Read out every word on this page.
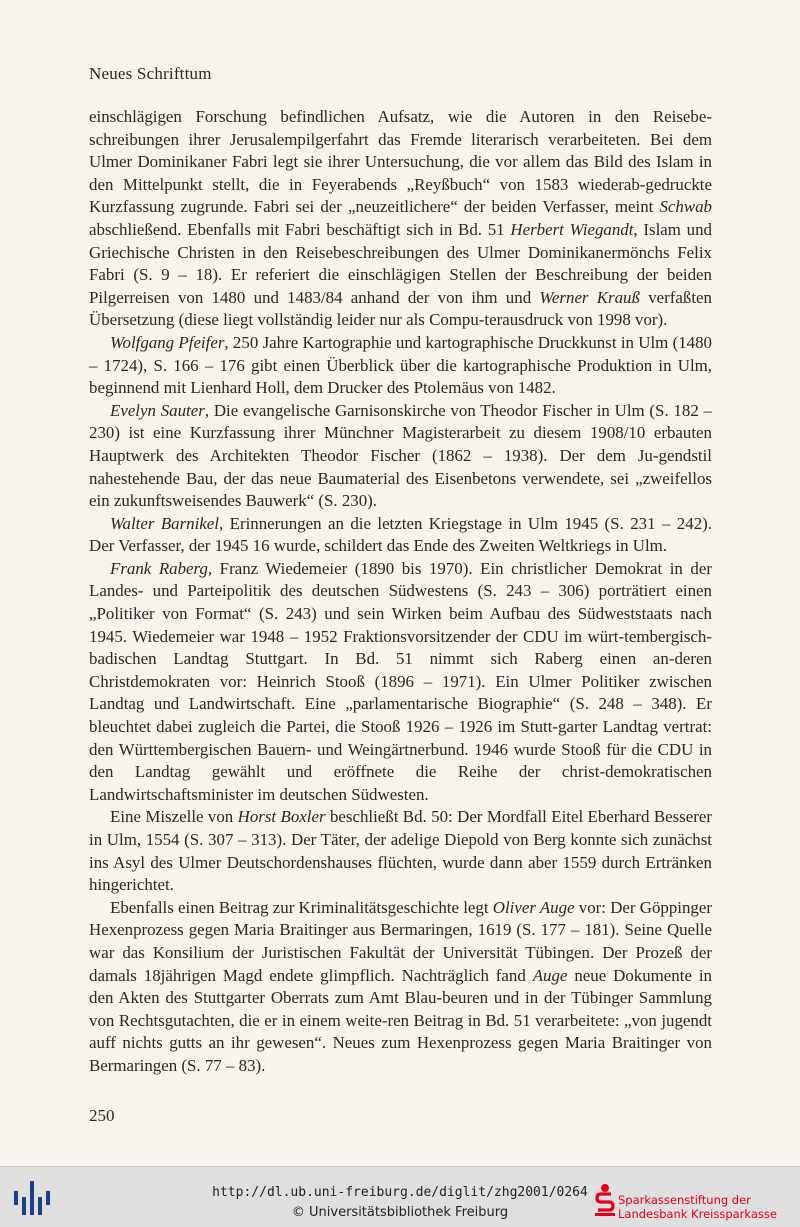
Neues Schrifttum

einschlägigen Forschung befindlichen Aufsatz, wie die Autoren in den Reisebe-schreibungen ihrer Jerusalempilgerfahrt das Fremde literarisch verarbeiteten. Bei dem Ulmer Dominikaner Fabri legt sie ihrer Untersuchung, die vor allem das Bild des Islam in den Mittelpunkt stellt, die in Feyerabends „Reyßbuch“ von 1583 wiederab-gedruckte Kurzfassung zugrunde. Fabri sei der „neuzeitlichere“ der beiden Verfasser, meint Schwab abschließend. Ebenfalls mit Fabri beschäftigt sich in Bd. 51 Herbert Wiegandt, Islam und Griechische Christen in den Reisebeschreibungen des Ulmer Dominikanermönchs Felix Fabri (S. 9 – 18). Er referiert die einschlägigen Stellen der Beschreibung der beiden Pilgerreisen von 1480 und 1483/84 anhand der von ihm und Werner Krauß verfaßten Übersetzung (diese liegt vollständig leider nur als Compu-terausdruck von 1998 vor).

Wolfgang Pfeifer, 250 Jahre Kartographie und kartographische Druckkunst in Ulm (1480 – 1724), S. 166 – 176 gibt einen Überblick über die kartographische Produktion in Ulm, beginnend mit Lienhard Holl, dem Drucker des Ptolemäus von 1482.

Evelyn Sauter, Die evangelische Garnisonskirche von Theodor Fischer in Ulm (S. 182 – 230) ist eine Kurzfassung ihrer Münchner Magisterarbeit zu diesem 1908/10 erbauten Hauptwerk des Architekten Theodor Fischer (1862 – 1938). Der dem Ju-gendstil nahestehende Bau, der das neue Baumaterial des Eisenbetons verwendete, sei „zweifellos ein zukunftsweisendes Bauwerk“ (S. 230).

Walter Barnikel, Erinnerungen an die letzten Kriegstage in Ulm 1945 (S. 231 – 242). Der Verfasser, der 1945 16 wurde, schildert das Ende des Zweiten Weltkriegs in Ulm.

Frank Raberg, Franz Wiedemeier (1890 bis 1970). Ein christlicher Demokrat in der Landes- und Parteipolitik des deutschen Südwestens (S. 243 – 306) porträtiert einen „Politiker von Format“ (S. 243) und sein Wirken beim Aufbau des Südweststaats nach 1945. Wiedemeier war 1948 – 1952 Fraktionsvorsitzender der CDU im würt-tembergisch-badischen Landtag Stuttgart. In Bd. 51 nimmt sich Raberg einen an-deren Christdemokraten vor: Heinrich Stooß (1896 – 1971). Ein Ulmer Politiker zwischen Landtag und Landwirtschaft. Eine „parlamentarische Biographie“ (S. 248 – 348). Er bleuchtet dabei zugleich die Partei, die Stooß 1926 – 1926 im Stutt-garter Landtag vertrat: den Württembergischen Bauern- und Weingärtnerbund. 1946 wurde Stooß für die CDU in den Landtag gewählt und eröffnete die Reihe der christ-demokratischen Landwirtschaftsminister im deutschen Südwesten.

Eine Miszelle von Horst Boxler beschließt Bd. 50: Der Mordfall Eitel Eberhard Besserer in Ulm, 1554 (S. 307 – 313). Der Täter, der adelige Diepold von Berg konnte sich zunächst ins Asyl des Ulmer Deutschordenshauses flüchten, wurde dann aber 1559 durch Ertränken hingerichtet.

Ebenfalls einen Beitrag zur Kriminalitätsgeschichte legt Oliver Auge vor: Der Göppinger Hexenprozess gegen Maria Braitinger aus Bermaringen, 1619 (S. 177 – 181). Seine Quelle war das Konsilium der Juristischen Fakultät der Universität Tübingen. Der Prozeß der damals 18jährigen Magd endete glimpflich. Nachträglich fand Auge neue Dokumente in den Akten des Stuttgarter Oberrats zum Amt Blau-beuren und in der Tübinger Sammlung von Rechtsgutachten, die er in einem weite-ren Beitrag in Bd. 51 verarbeitete: „von jugendt auff nichts gutts an ihr gewesen“. Neues zum Hexenprozess gegen Maria Braitinger von Bermaringen (S. 77 – 83).

250
http://dl.ub.uni-freiburg.de/diglit/zhg2001/0264
© Universitätsbibliothek Freiburg
Sparkassenstiftung der
Landesbank Kreissparkasse
